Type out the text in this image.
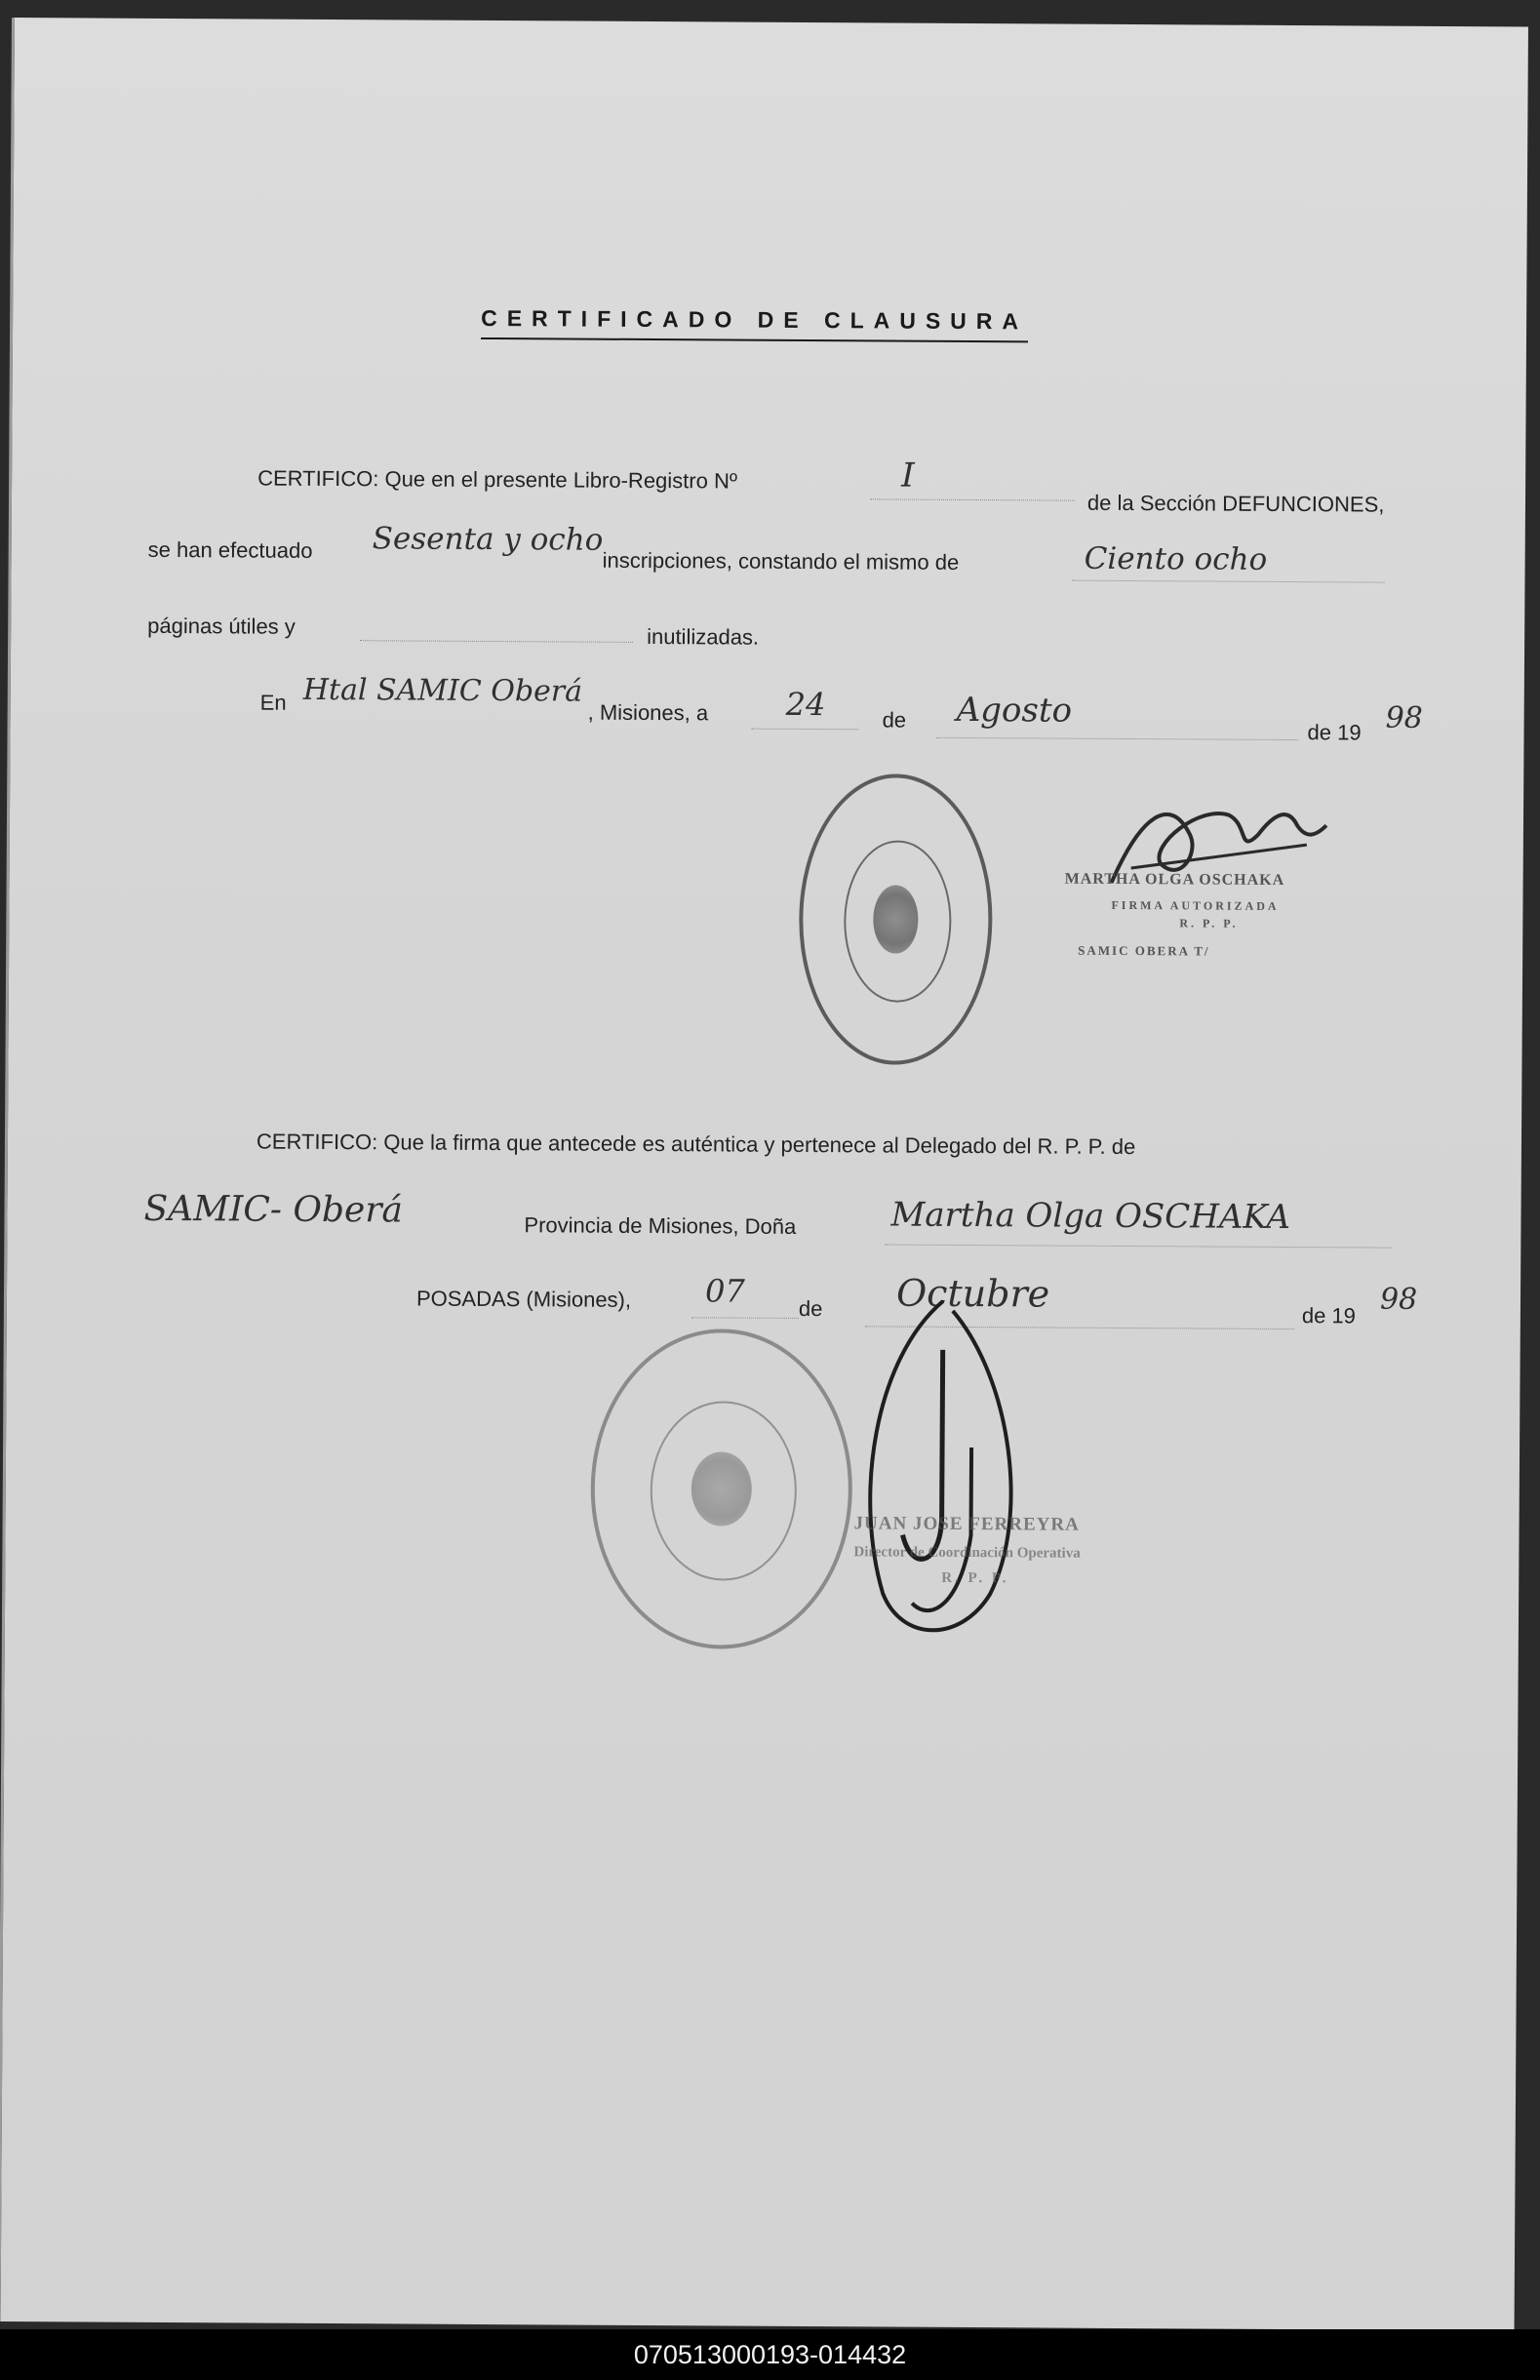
CERTIFICADO DE CLAUSURA
CERTIFICO: Que en el presente Libro-Registro Nº	I
de la Sección DEFUNCIONES,
se han efectuado Sesenta y ocho
inscripciones, constando el mismo de	Ciento ocho
páginas útiles y	inutilizadas.
En Htal SAMIC Oberá
, Misiones, a 24	de Agosto
de 19 98
MARTHA OLGA OSCHAKA
FIRMA AUTORIZADA
R. P. P.
SAMIC OBERA T/
CERTIFICO: Que la firma que antecede es auténtica y pertenece al Delegado del R. P. P. de
SAMIC- Oberá	Provincia de Misiones, Doña	Martha Olga OSCHAKA
POSADAS (Misiones), 07 de Octubre
de 19 98
JUAN JOSE FERREYRA
Director de Coordinación Operativa
R. P. P.
070513000193-014432
